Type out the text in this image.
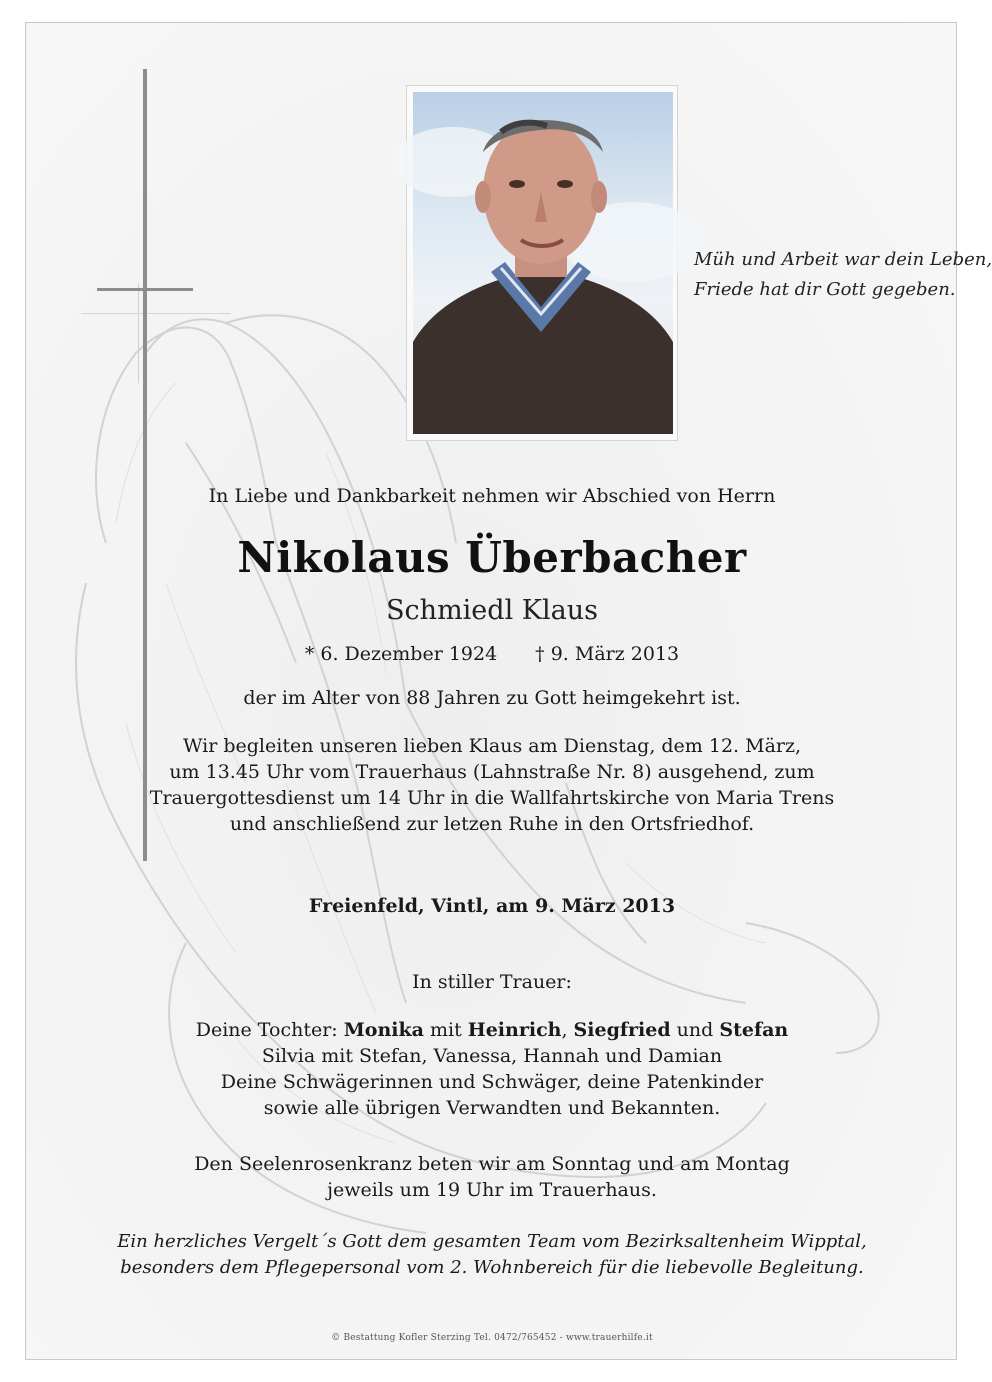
Müh und Arbeit war dein Leben,
Friede hat dir Gott gegeben.
In Liebe und Dankbarkeit nehmen wir Abschied von Herrn
Nikolaus Überbacher
Schmiedl Klaus
* 6. Dezember 1924 † 9. März 2013
der im Alter von 88 Jahren zu Gott heimgekehrt ist.
Wir begleiten unseren lieben Klaus am Dienstag, dem 12. März,
um 13.45 Uhr vom Trauerhaus (Lahnstraße Nr. 8) ausgehend, zum
Trauergottesdienst um 14 Uhr in die Wallfahrtskirche von Maria Trens
und anschließend zur letzen Ruhe in den Ortsfriedhof.
Freienfeld, Vintl, am 9. März 2013
In stiller Trauer:
Deine Tochter: Monika mit Heinrich, Siegfried und Stefan
Silvia mit Stefan, Vanessa, Hannah und Damian
Deine Schwägerinnen und Schwäger, deine Patenkinder
sowie alle übrigen Verwandten und Bekannten.
Den Seelenrosenkranz beten wir am Sonntag und am Montag
jeweils um 19 Uhr im Trauerhaus.
Ein herzliches Vergelt´s Gott dem gesamten Team vom Bezirksaltenheim Wipptal,
besonders dem Pflegepersonal vom 2. Wohnbereich für die liebevolle Begleitung.
© Bestattung Kofler Sterzing Tel. 0472/765452 - www.trauerhilfe.it
